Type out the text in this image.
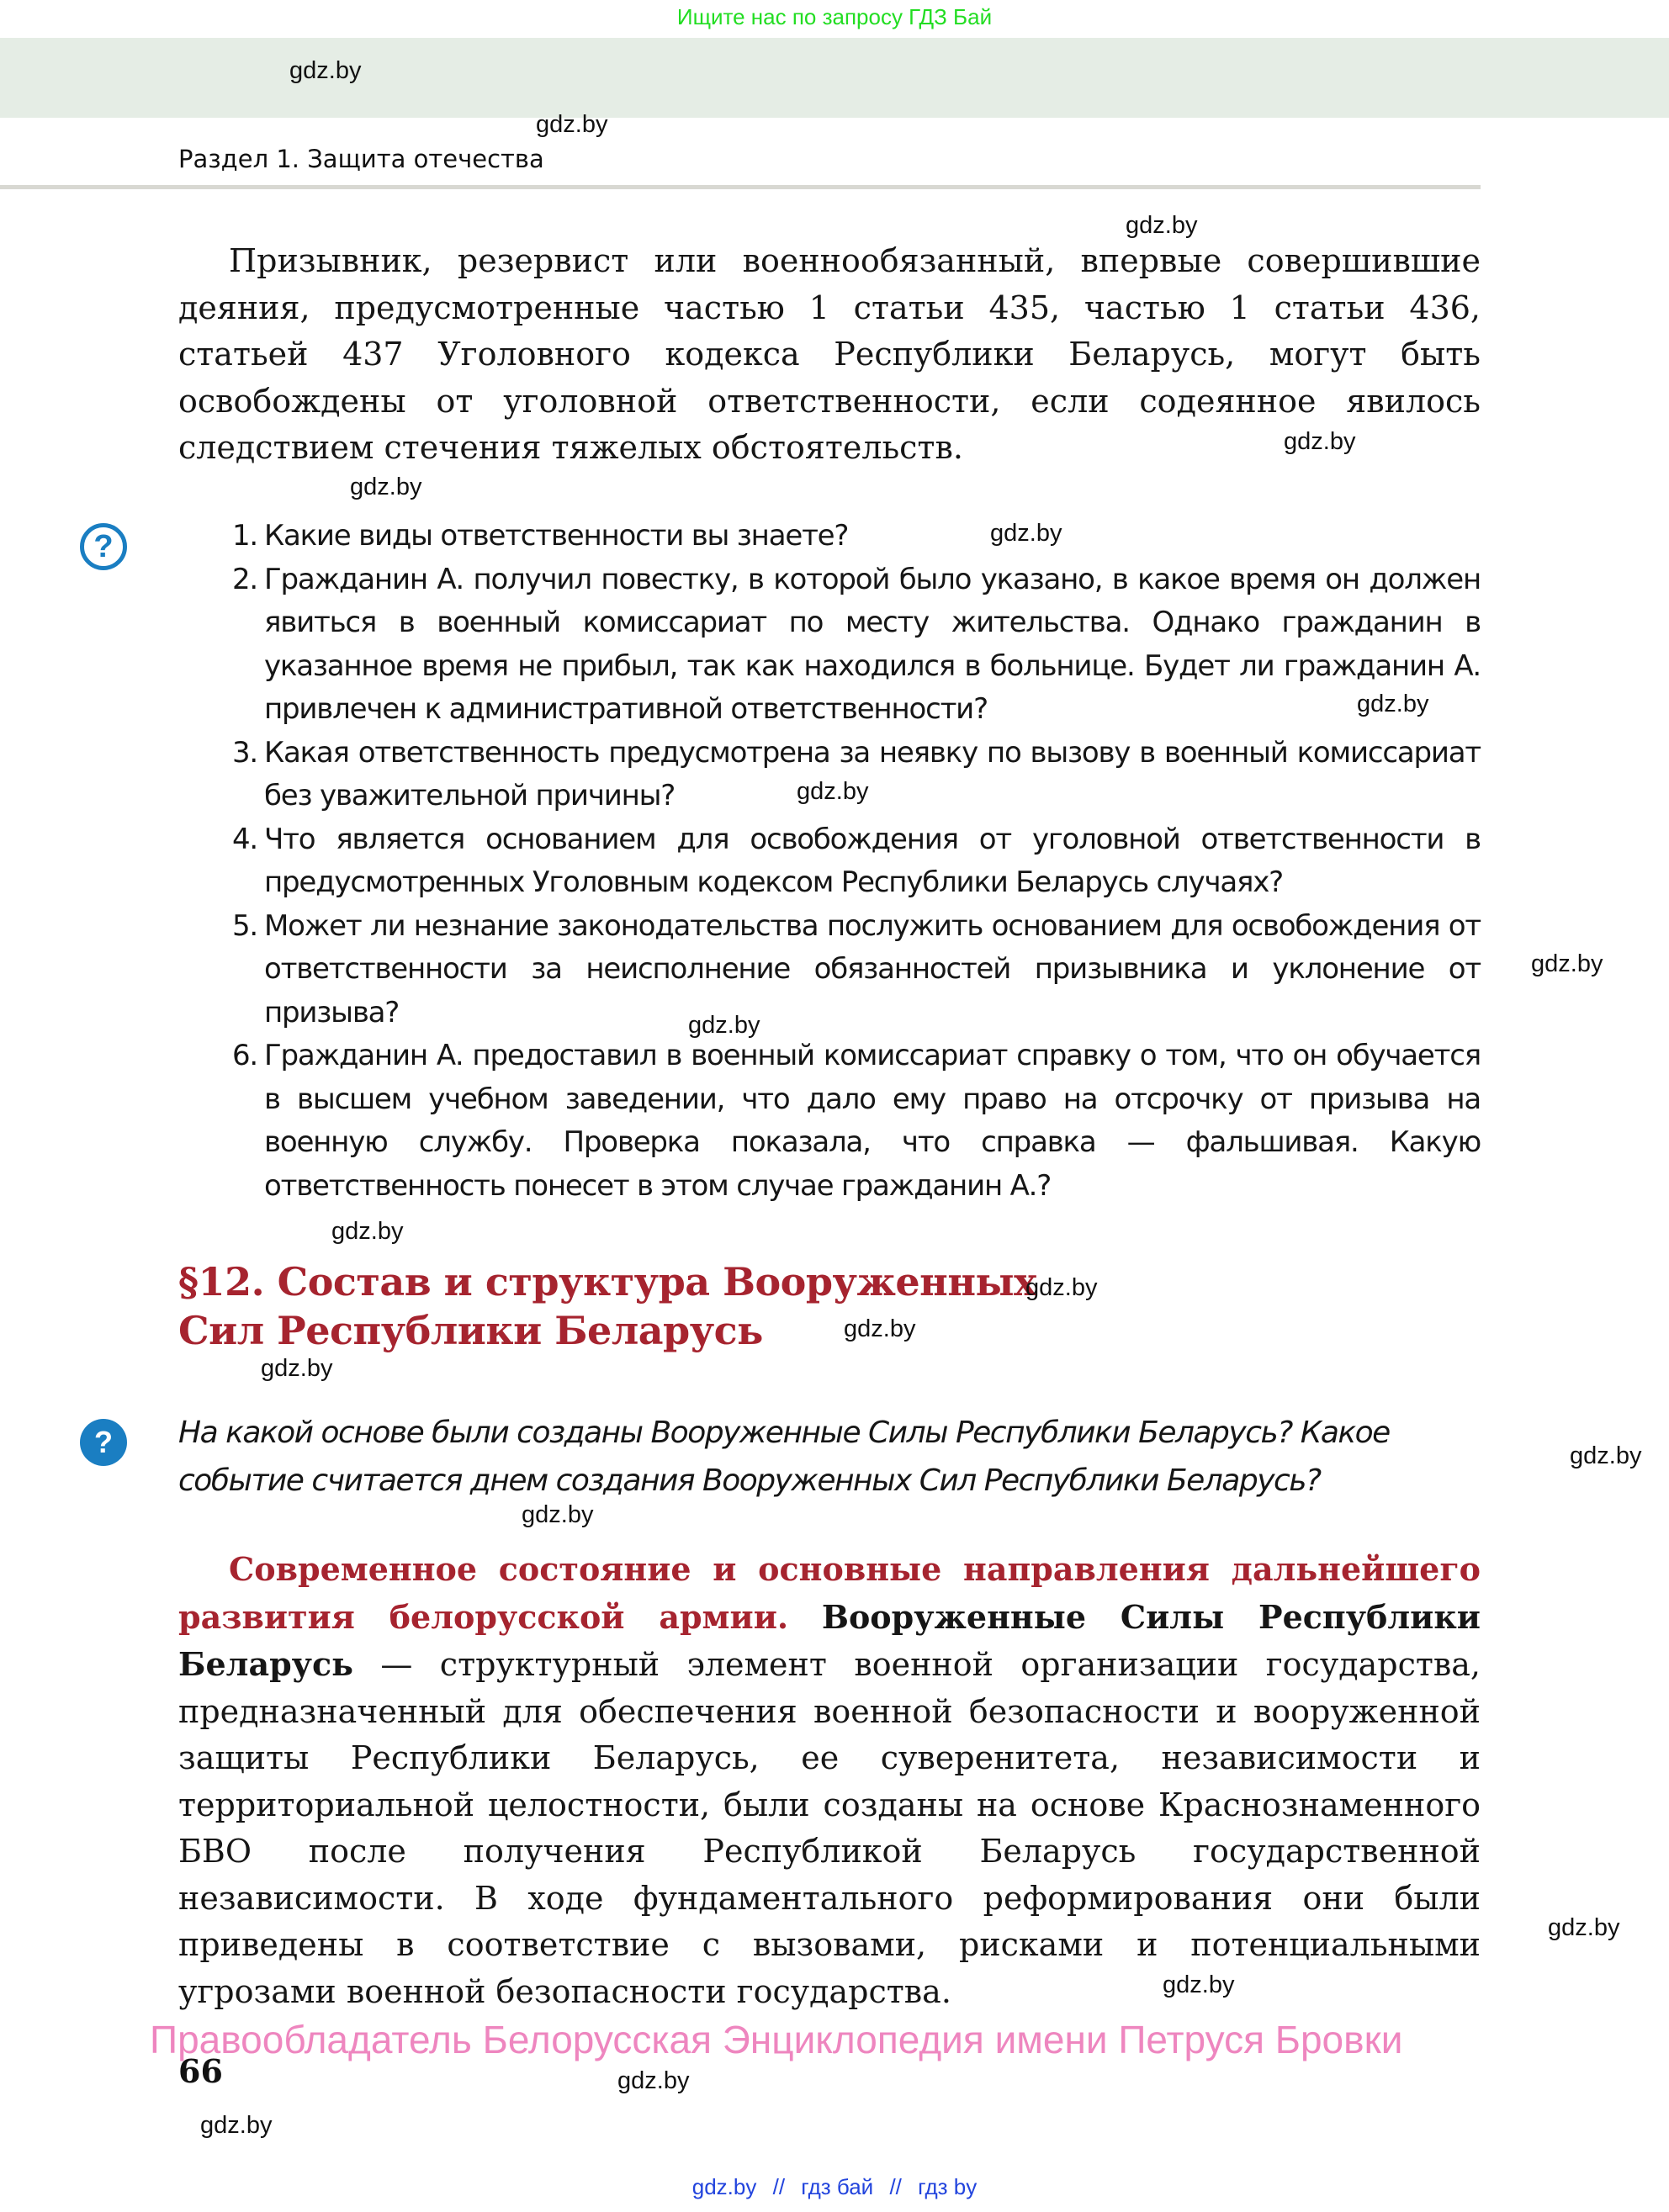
Ищите нас по запросу ГДЗ Бай
Раздел 1. Защита отечества
Призывник, резервист или военнообязанный, впервые совершившие деяния, предусмотренные частью 1 статьи 435, частью 1 статьи 436, статьей 437 Уголовного кодекса Республики Беларусь, могут быть освобождены от уголовной ответственности, если содеянное явилось следствием стечения тяжелых обстоятельств.
?	1. Какие виды ответственности вы знаете?
2. Гражданин А. получил повестку, в которой было указано, в какое время он должен явиться в военный комиссариат по месту жительства. Однако гражданин в указанное время не прибыл, так как находился в больнице. Будет ли гражданин А. привлечен к административной ответственности?
3. Какая ответственность предусмотрена за неявку по вызову в военный комиссариат без уважительной причины?
4. Что является основанием для освобождения от уголовной ответственности в предусмотренных Уголовным кодексом Республики Беларусь случаях?
5. Может ли незнание законодательства послужить основанием для освобождения от ответственности за неисполнение обязанностей призывника и уклонение от призыва?
6. Гражданин А. предоставил в военный комиссариат справку о том, что он обучается в высшем учебном заведении, что дало ему право на отсрочку от призыва на военную службу. Проверка показала, что справка — фальшивая. Какую ответственность понесет в этом случае гражданин А.?
§12. Состав и структура Вооруженных
Сил Республики Беларусь
?	На какой основе были созданы Вооруженные Силы Республики Беларусь? Какое событие считается днем создания Вооруженных Сил Республики Беларусь?
Современное состояние и основные направления дальнейшего развития белорусской армии. Вооруженные Силы Республики Беларусь — структурный элемент военной организации государства, предназначенный для обеспечения военной безопасности и вооруженной защиты Республики Беларусь, ее суверенитета, независимости и территориальной целостности, были созданы на основе Краснознаменного БВО после получения Республикой Беларусь государственной независимости. В ходе фундаментального реформирования они были приведены в соответствие с вызовами, рисками и потенциальными угрозами военной безопасности государства.
Правообладатель Белорусская Энциклопедия имени Петруся Бровки
66
gdz.by
gdz.by
gdz.by
gdz.by
gdz.by
gdz.by
gdz.by
gdz.by
gdz.by
gdz.by
gdz.by
gdz.by
gdz.by
gdz.by
gdz.by
gdz.by
gdz.by
gdz.by
gdz.by
gdz.by
gdz.by // гдз бай // гдз by
